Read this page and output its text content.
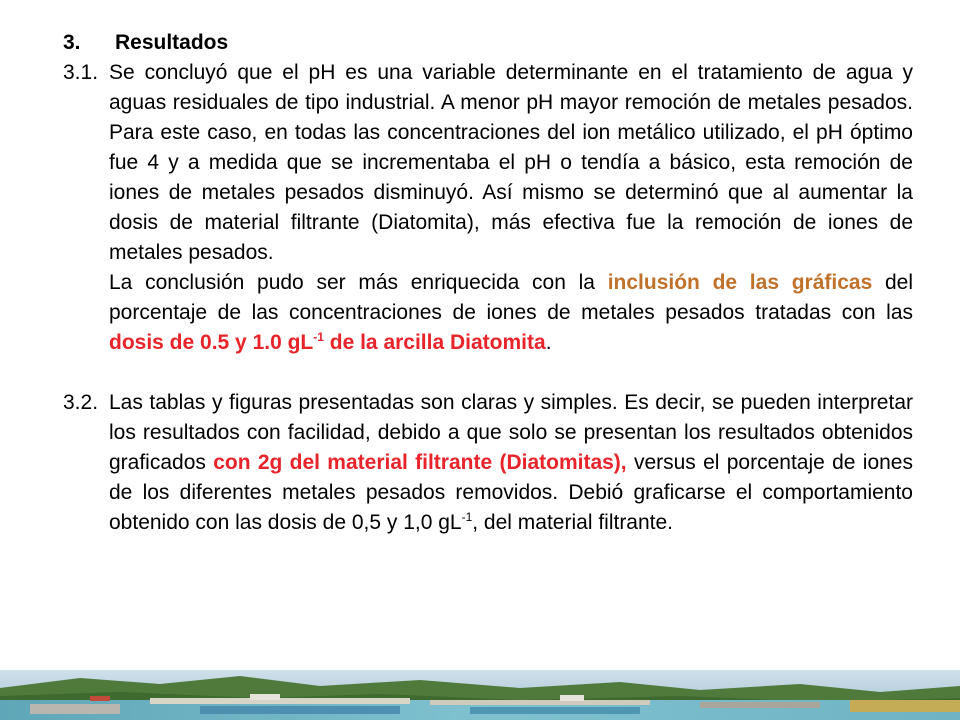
3.	Resultados
3.1. Se concluyó que el pH es una variable determinante en el tratamiento de agua y aguas residuales de tipo industrial. A menor pH mayor remoción de metales pesados. Para este caso, en todas las concentraciones del ion metálico utilizado, el pH óptimo fue 4 y a medida que se incrementaba el pH o tendía a básico, esta remoción de iones de metales pesados disminuyó. Así mismo se determinó que al aumentar la dosis de material filtrante (Diatomita), más efectiva fue la remoción de iones de metales pesados.

La conclusión pudo ser más enriquecida con la inclusión de las gráficas del porcentaje de las concentraciones de iones de metales pesados tratadas con las dosis de 0.5 y 1.0 $gL^{-1}$ de la arcilla Diatomita.

3.2. Las tablas y figuras presentadas son claras y simples. Es decir, se pueden interpretar los resultados con facilidad, debido a que solo se presentan los resultados obtenidos graficados con 2g del material filtrante (Diatomitas), versus el porcentaje de iones de los diferentes metales pesados removidos. Debió graficarse el comportamiento obtenido con las dosis de 0,5 y 1,0 $gL^{-1}$, del material filtrante.
